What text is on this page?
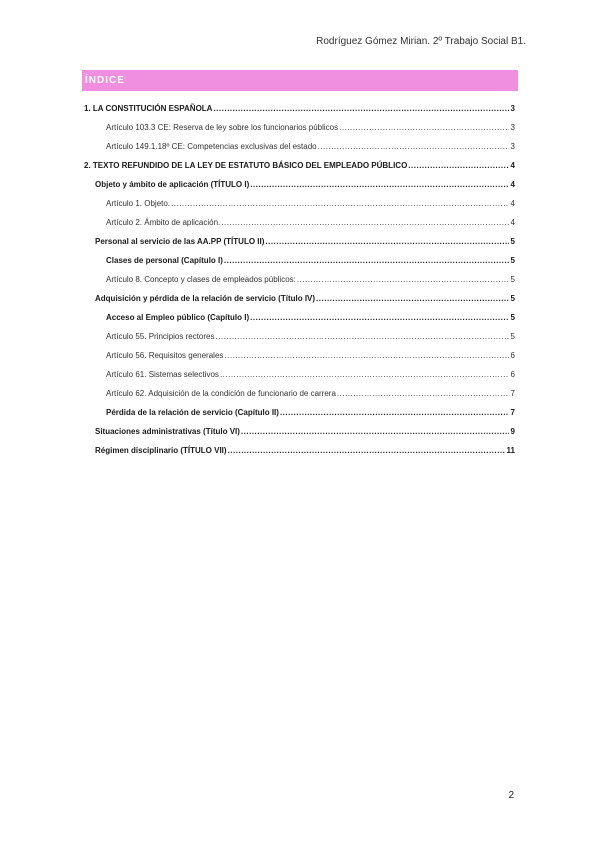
Rodríguez Gómez Mirian. 2º Trabajo Social B1.
ÍNDICE
1. LA CONSTITUCIÓN ESPAÑOLA .....	3
Artículo 103.3 CE: Reserva de ley sobre los funcionarios públicos .....	3
Artículo 149.1.18º CE: Competencias exclusivas del estado .....	3
2. TEXTO REFUNDIDO DE LA LEY DE ESTATUTO BÁSICO DEL EMPLEADO PÚBLICO .....	4
Objeto y ámbito de aplicación (TÍTULO I) .....	4
Artículo 1. Objeto. .....	4
Artículo 2. Ámbito de aplicación. .....	4
Personal al servicio de las AA.PP (TÍTULO II) .....	5
Clases de personal (Capítulo I) .....	5
Artículo 8. Concepto y clases de empleados públicos: .....	5
Adquisición y pérdida de la relación de servicio (Título IV) .....	5
Acceso al Empleo público (Capítulo I) .....	5
Artículo 55. Principios rectores .....	5
Artículo 56. Requisitos generales .....	6
Artículo 61. Sistemas selectivos .....	6
Artículo 62. Adquisición de la condición de funcionario de carrera .....	7
Pérdida de la relación de servicio (Capítulo II) .....	7
Situaciones administrativas (Título VI) .....	9
Régimen disciplinario (TÍTULO VII) .....	11
2
